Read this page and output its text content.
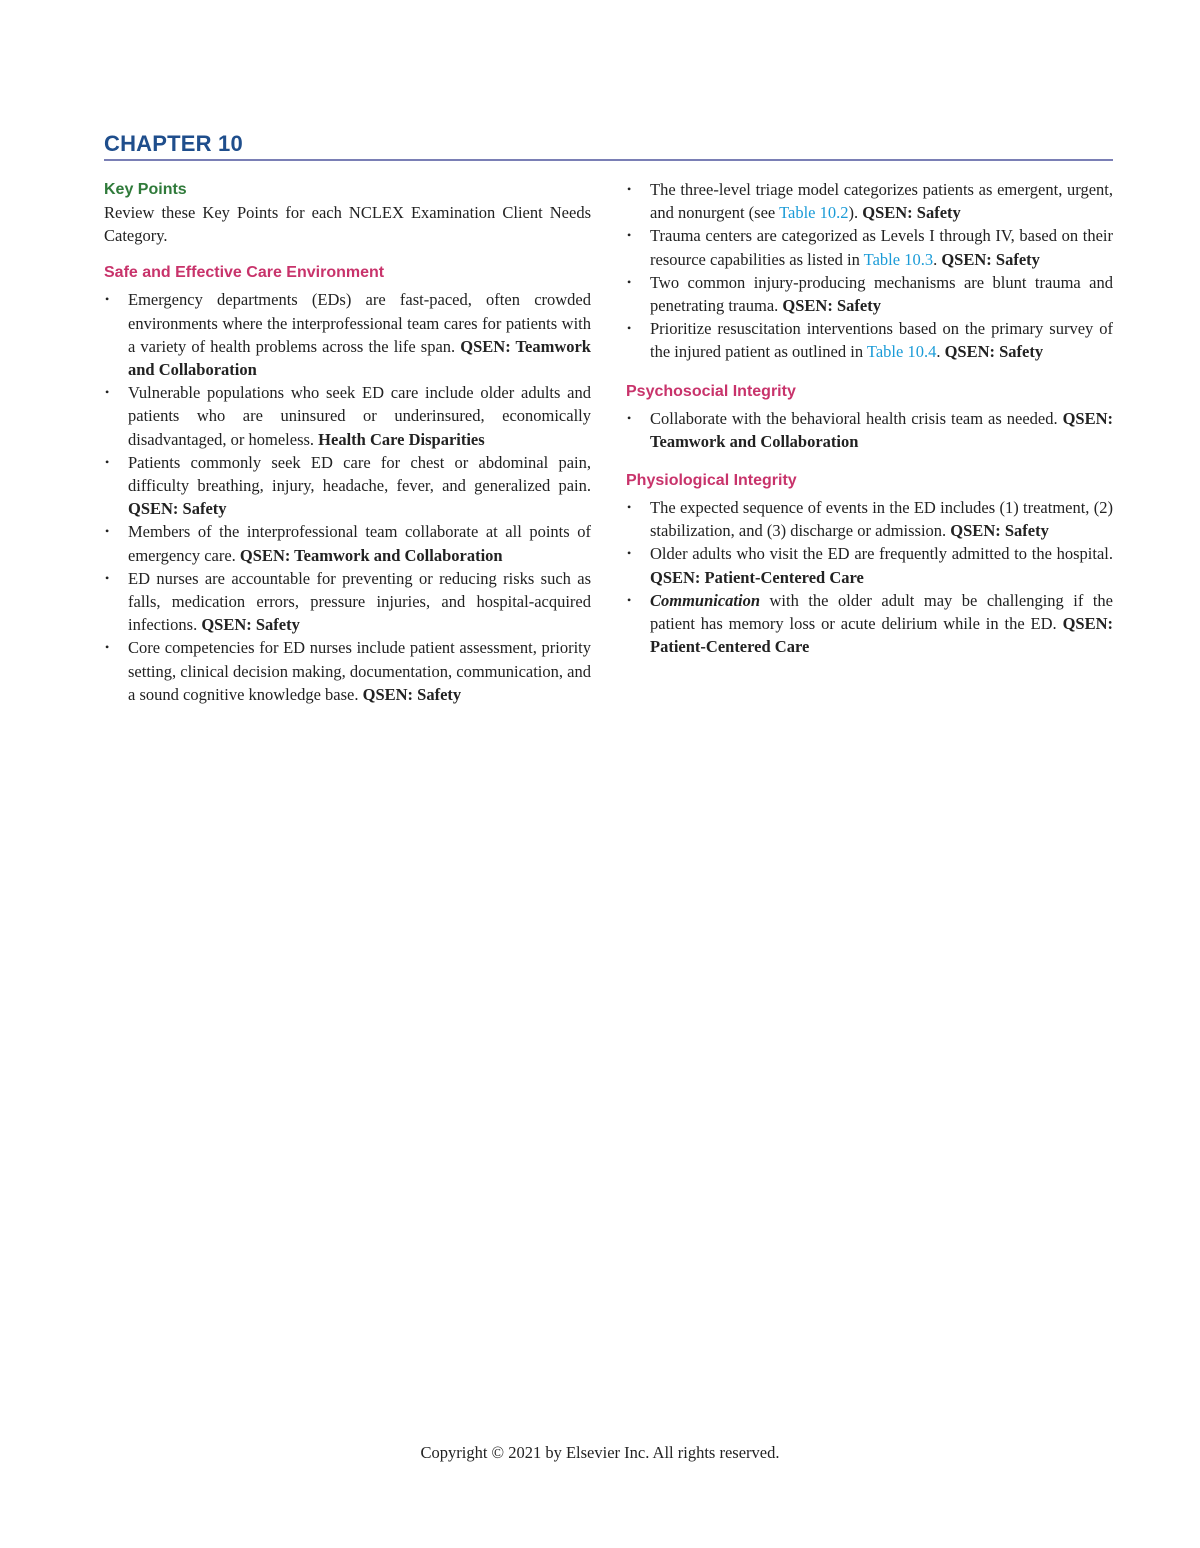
CHAPTER 10
Key Points

Review these Key Points for each NCLEX Examination Client Needs Category.

Safe and Effective Care Environment
• Emergency departments (EDs) are fast-paced, often crowded environments where the interprofessional team cares for patients with a variety of health problems across the life span. QSEN: Teamwork and Collaboration
• Vulnerable populations who seek ED care include older adults and patients who are uninsured or underinsured, economically disadvantaged, or homeless. Health Care Disparities
• Patients commonly seek ED care for chest or abdominal pain, difficulty breathing, injury, headache, fever, and generalized pain. QSEN: Safety
• Members of the interprofessional team collaborate at all points of emergency care. QSEN: Teamwork and Collaboration
• ED nurses are accountable for preventing or reducing risks such as falls, medication errors, pressure injuries, and hospital-acquired infections. QSEN: Safety
• Core competencies for ED nurses include patient assessment, priority setting, clinical decision making, documentation, communication, and a sound cognitive knowledge base. QSEN: Safety
• The three-level triage model categorizes patients as emergent, urgent, and nonurgent (see Table 10.2). QSEN: Safety
• Trauma centers are categorized as Levels I through IV, based on their resource capabilities as listed in Table 10.3. QSEN: Safety
• Two common injury-producing mechanisms are blunt trauma and penetrating trauma. QSEN: Safety
• Prioritize resuscitation interventions based on the primary survey of the injured patient as outlined in Table 10.4. QSEN: Safety
Psychosocial Integrity
• Collaborate with the behavioral health crisis team as needed. QSEN: Teamwork and Collaboration
Physiological Integrity
• The expected sequence of events in the ED includes (1) treatment, (2) stabilization, and (3) discharge or admission. QSEN: Safety
• Older adults who visit the ED are frequently admitted to the hospital. QSEN: Patient-Centered Care
• Communication with the older adult may be challenging if the patient has memory loss or acute delirium while in the ED. QSEN: Patient-Centered Care

Copyright © 2021 by Elsevier Inc. All rights reserved.
